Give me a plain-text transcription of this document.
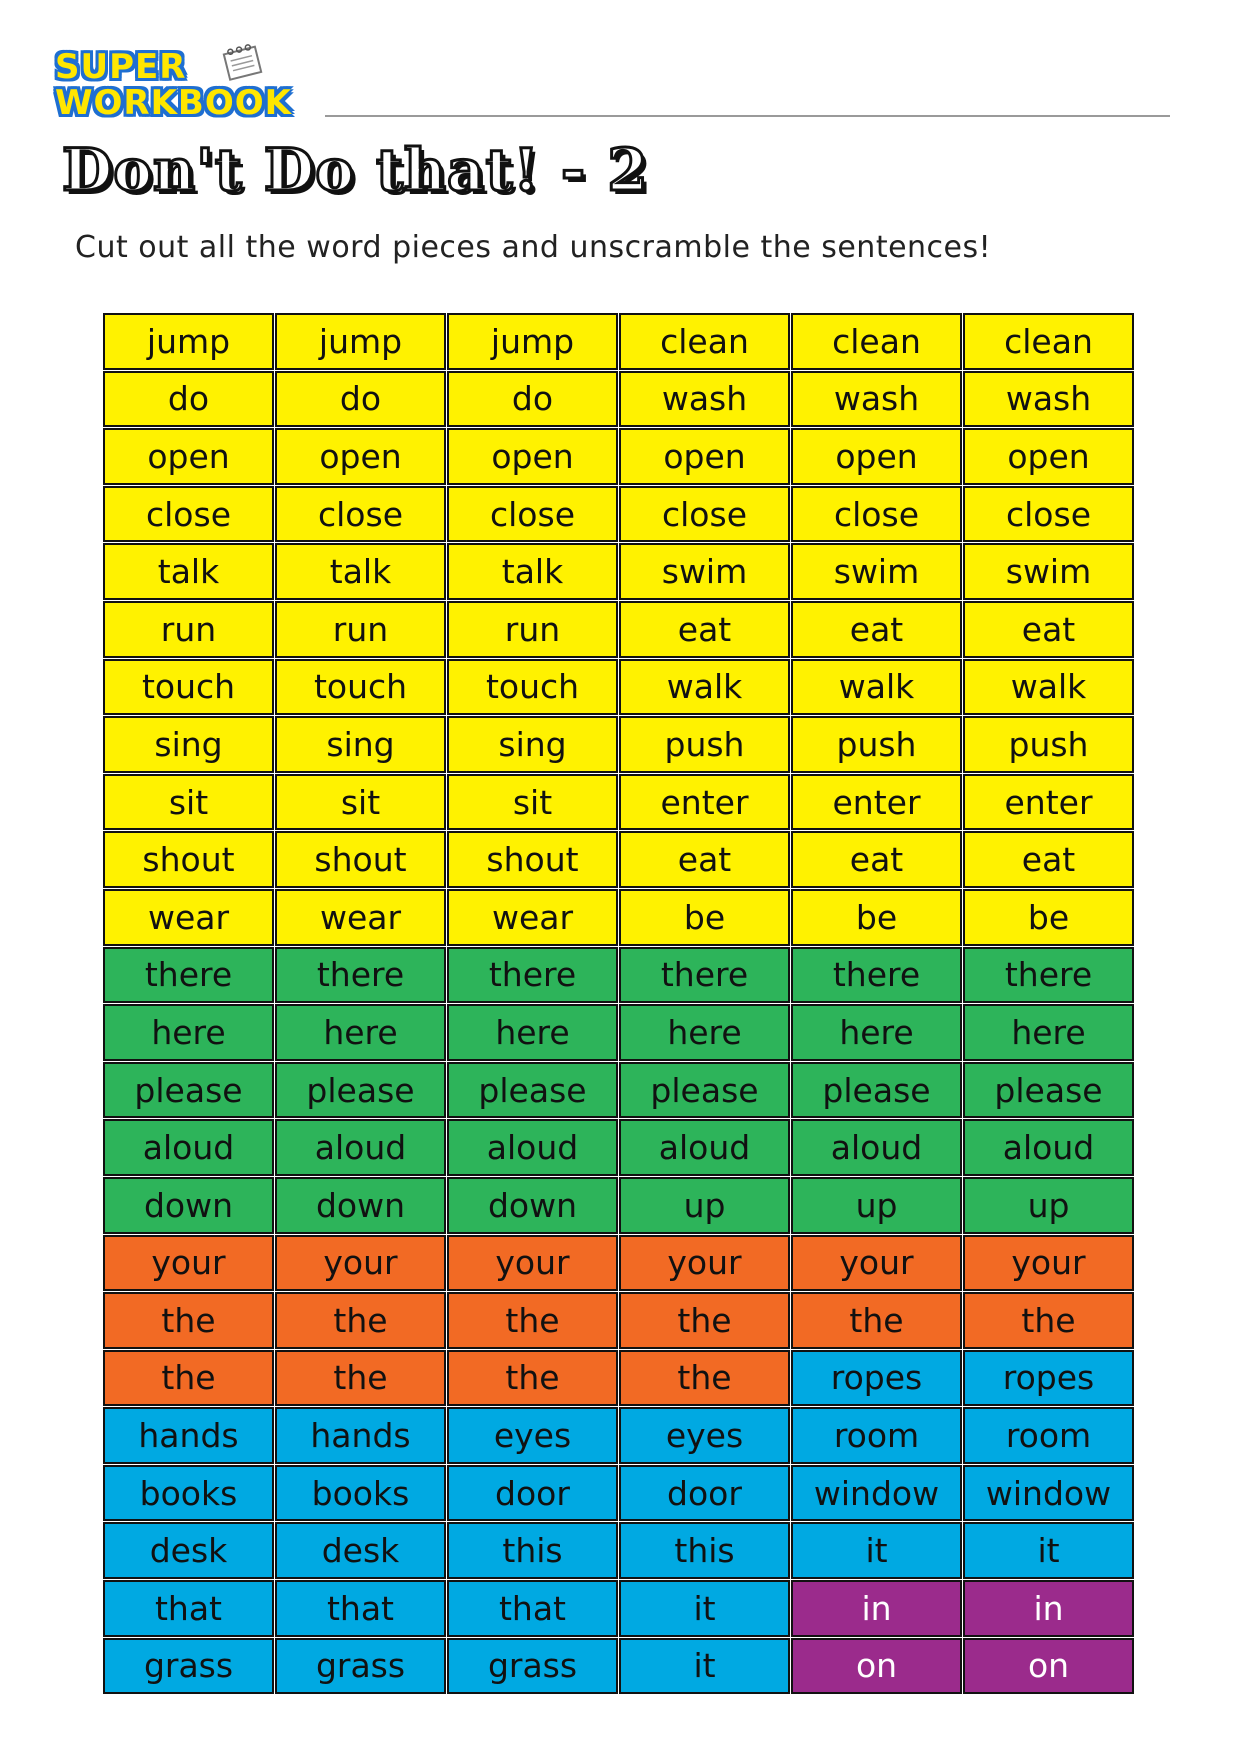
SUPER
WORKBOOK
Don't Do that! - 2
Cut out all the word pieces and unscramble the sentences!
jump	jump	jump	clean	clean	clean
do	do	do	wash	wash	wash
open	open	open	open	open	open
close	close	close	close	close	close
talk	talk	talk	swim	swim	swim
run	run	run	eat	eat	eat
touch	touch	touch	walk	walk	walk
sing	sing	sing	push	push	push
sit	sit	sit	enter	enter	enter
shout	shout	shout	eat	eat	eat
wear	wear	wear	be	be	be
there	there	there	there	there	there
here	here	here	here	here	here
please	please	please	please	please	please
aloud	aloud	aloud	aloud	aloud	aloud
down	down	down	up	up	up
your	your	your	your	your	your
the	the	the	the	the	the
the	the	the	the	ropes	ropes
hands	hands	eyes	eyes	room	room
books	books	door	door	window	window
desk	desk	this	this	it	it
that	that	that	it	in	in
grass	grass	grass	it	on	on
